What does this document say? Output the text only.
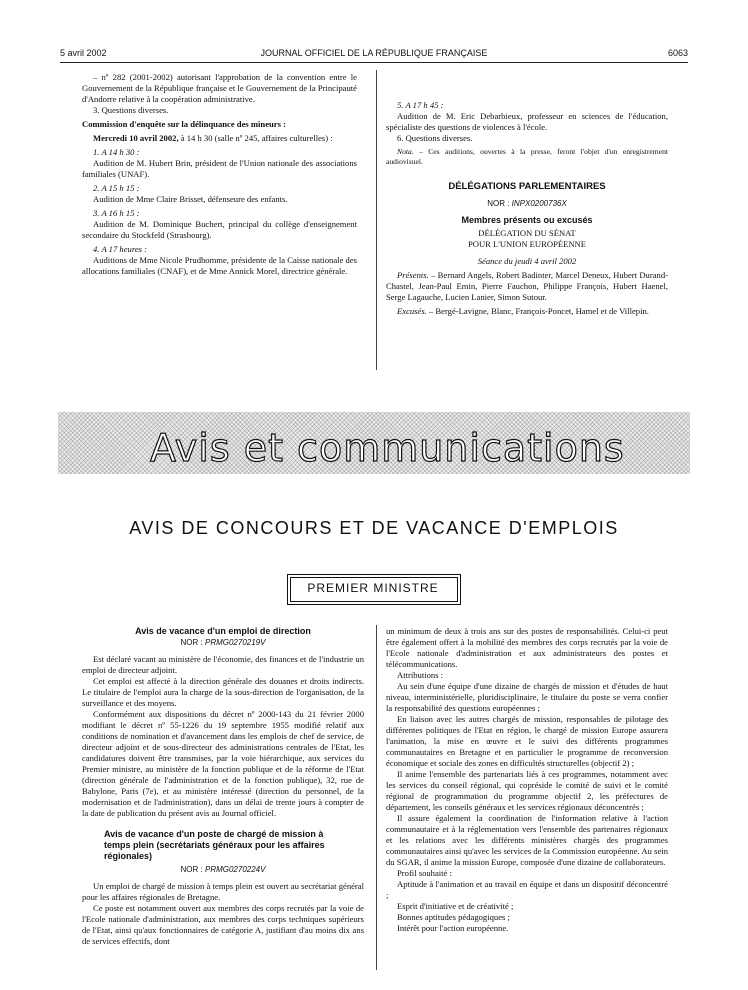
5 avril 2002	JOURNAL OFFICIEL DE LA RÉPUBLIQUE FRANÇAISE	6063

– nº 282 (2001-2002) autorisant l'approbation de la convention entre le Gouvernement de la République française et le Gouvernement de la Principauté d'Andorre relative à la coopération administrative.

3. Questions diverses.

Commission d'enquête sur la délinquance des mineurs :

Mercredi 10 avril 2002, à 14 h 30 (salle nº 245, affaires culturelles) :

1. A 14 h 30 :

Audition de M. Hubert Brin, président de l'Union nationale des associations familiales (UNAF).

2. A 15 h 15 :

Audition de Mme Claire Brisset, défenseure des enfants.

3. A 16 h 15 :

Audition de M. Dominique Buchert, principal du collège d'enseignement secondaire du Stockfeld (Strasbourg).

4. A 17 heures :

Auditions de Mme Nicole Prudhomme, présidente de la Caisse nationale des allocations familiales (CNAF), et de Mme Annick Morel, directrice générale.

5. A 17 h 45 :

Audition de M. Eric Debarbieux, professeur en sciences de l'éducation, spécialiste des questions de violences à l'école.

6. Questions diverses.

Nota. – Ces auditions, ouvertes à la presse, feront l'objet d'un enregistrement audiovisuel.

DÉLÉGATIONS PARLEMENTAIRES

NOR : INPX0200736X

Membres présents ou excusés

DÉLÉGATION DU SÉNAT

POUR L'UNION EUROPÉENNE

Séance du jeudi 4 avril 2002

Présents. – Bernard Angels, Robert Badinter, Marcel Deneux, Hubert Durand-Chastel, Jean-Paul Emin, Pierre Fauchon, Philippe François, Hubert Haenel, Serge Lagauche, Lucien Lanier, Simon Sutour.

Excusés. – Bergé-Lavigne, Blanc, François-Poncet, Hamel et de Villepin.

Avis et communications
AVIS DE CONCOURS ET DE VACANCE D'EMPLOIS
PREMIER MINISTRE

Avis de vacance d'un emploi de direction

NOR : PRMG0270219V

Est déclaré vacant au ministère de l'économie, des finances et de l'industrie un emploi de directeur adjoint.

Cet emploi est affecté à la direction générale des douanes et droits indirects. Le titulaire de l'emploi aura la charge de la sous-direction de l'organisation, de la surveillance et des moyens.

Conformément aux dispositions du décret nº 2000-143 du 21 février 2000 modifiant le décret nº 55-1226 du 19 septembre 1955 modifié relatif aux conditions de nomination et d'avancement dans les emplois de chef de service, de directeur adjoint et de sous-directeur des administrations centrales de l'Etat, les candidatures doivent être transmises, par la voie hiérarchique, aux services du Premier ministre, au ministère de la fonction publique et de la réforme de l'Etat (direction générale de l'administration et de la fonction publique), 32, rue de Babylone, Paris (7e), et au ministère intéressé (direction du personnel, de la modernisation et de l'administration), dans un délai de trente jours à compter de la date de publication du présent avis au Journal officiel.

Avis de vacance d'un poste de chargé de mission à temps plein (secrétariats généraux pour les affaires régionales)

NOR : PRMG0270224V

Un emploi de chargé de mission à temps plein est ouvert au secrétariat général pour les affaires régionales de Bretagne.

Ce poste est notamment ouvert aux membres des corps recrutés par la voie de l'Ecole nationale d'administration, aux membres des corps techniques supérieurs de l'Etat, ainsi qu'aux fonctionnaires de catégorie A, justifiant d'au moins dix ans de services effectifs, dont

un minimum de deux à trois ans sur des postes de responsabilités. Celui-ci peut être également offert à la mobilité des membres des corps recrutés par la voie de l'Ecole nationale d'administration et aux administrateurs des postes et télécommunications.

Attributions :

Au sein d'une équipe d'une dizaine de chargés de mission et d'études de haut niveau, interministérielle, pluridisciplinaire, le titulaire du poste se verra confier la responsabilité des questions européennes ;

En liaison avec les autres chargés de mission, responsables de pilotage des différentes politiques de l'Etat en région, le chargé de mission Europe assurera l'animation, la mise en œuvre et le suivi des différents programmes communautaires en Bretagne et en particulier le programme de reconversion économique et sociale des zones en difficultés structurelles (objectif 2) ;

Il anime l'ensemble des partenariats liés à ces programmes, notamment avec les services du conseil régional, qui copréside le comité de suivi et le comité régional de programmation du programme objectif 2, les préfectures de département, les conseils généraux et les services régionaux déconcentrés ;

Il assure également la coordination de l'information relative à l'action communautaire et à la réglementation vers l'ensemble des partenaires régionaux et les relations avec les différents ministères chargés des programmes communautaires ainsi qu'avec les services de la Commission européenne. Au sein du SGAR, il anime la mission Europe, composée d'une dizaine de collaborateurs.

Profil souhaité :

Aptitude à l'animation et au travail en équipe et dans un dispositif déconcentré ;

Esprit d'initiative et de créativité ;

Bonnes aptitudes pédagogiques ;

Intérêt pour l'action européenne.
